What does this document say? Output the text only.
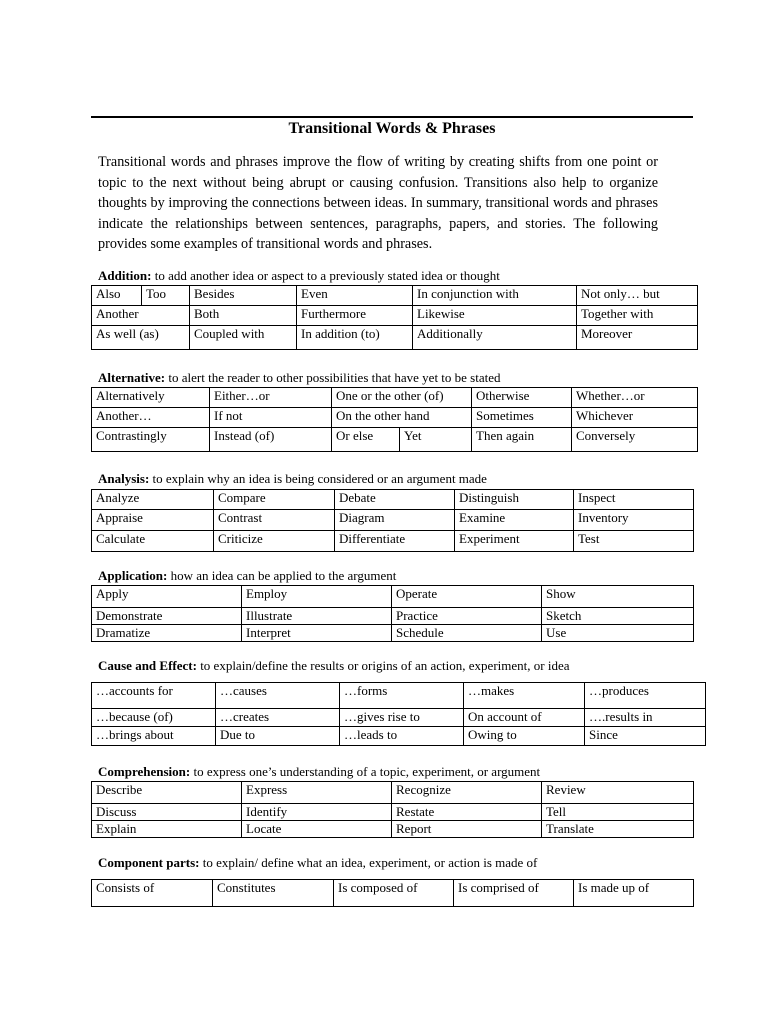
Transitional Words & Phrases

Transitional words and phrases improve the flow of writing by creating shifts from one point or topic to the next without being abrupt or causing confusion. Transitions also help to organize thoughts by improving the connections between ideas. In summary, transitional words and phrases indicate the relationships between sentences, paragraphs, papers, and stories. The following provides some examples of transitional words and phrases.

Addition: to add another idea or aspect to a previously stated idea or thought
Also	Too	Besides	Even	In conjunction with	Not only… but
Another		Both	Furthermore	Likewise	Together with
As well (as)		Coupled with	In addition (to)	Additionally	Moreover
Alternative: to alert the reader to other possibilities that have yet to be stated
Alternatively	Either…or	One or the other (of)		Otherwise	Whether…or
Another…	If not	On the other hand		Sometimes	Whichever
Contrastingly	Instead (of)	Or else	Yet	Then again	Conversely
Analysis: to explain why an idea is being considered or an argument made
Analyze	Compare	Debate	Distinguish	Inspect
Appraise	Contrast	Diagram	Examine	Inventory
Calculate	Criticize	Differentiate	Experiment	Test
Application: how an idea can be applied to the argument
Apply	Employ	Operate	Show
Demonstrate	Illustrate	Practice	Sketch
Dramatize	Interpret	Schedule	Use
Cause and Effect: to explain/define the results or origins of an action, experiment, or idea
…accounts for	…causes	…forms	…makes	…produces
…because (of)	…creates	…gives rise to	On account of	….results in
…brings about	Due to	…leads to	Owing to	Since
Comprehension: to express one’s understanding of a topic, experiment, or argument
Describe	Express	Recognize	Review
Discuss	Identify	Restate	Tell
Explain	Locate	Report	Translate
Component parts: to explain/ define what an idea, experiment, or action is made of
Consists of	Constitutes	Is composed of	Is comprised of	Is made up of
